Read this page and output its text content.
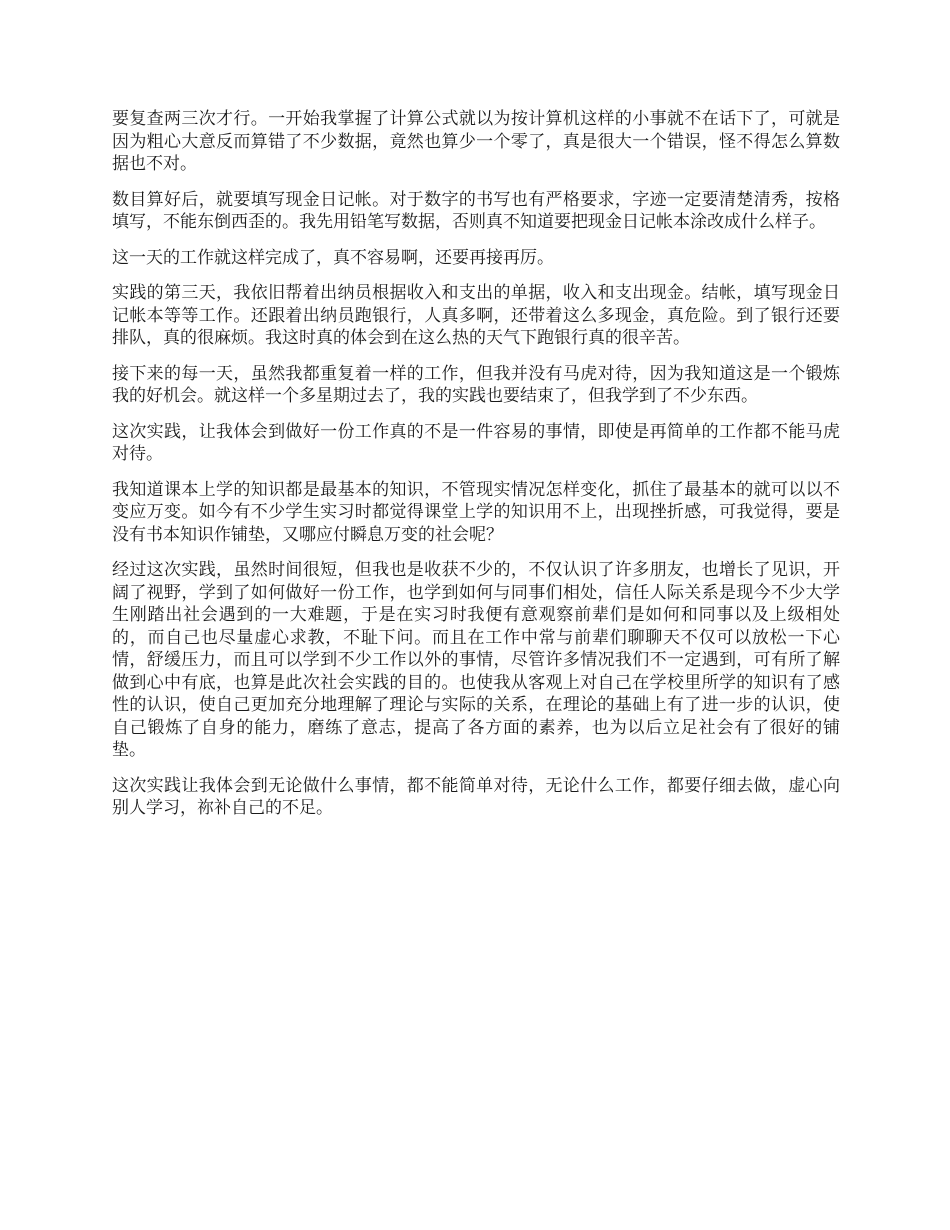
要复查两三次才行。一开始我掌握了计算公式就以为按计算机这样的小事就不在话下了，可就是因为粗心大意反而算错了不少数据，竟然也算少一个零了，真是很大一个错误，怪不得怎么算数据也不对。

数目算好后，就要填写现金日记帐。对于数字的书写也有严格要求，字迹一定要清楚清秀，按格填写，不能东倒西歪的。我先用铅笔写数据，否则真不知道要把现金日记帐本涂改成什么样子。

这一天的工作就这样完成了，真不容易啊，还要再接再厉。

实践的第三天，我依旧帮着出纳员根据收入和支出的单据，收入和支出现金。结帐，填写现金日记帐本等等工作。还跟着出纳员跑银行，人真多啊，还带着这么多现金，真危险。到了银行还要排队，真的很麻烦。我这时真的体会到在这么热的天气下跑银行真的很辛苦。

接下来的每一天，虽然我都重复着一样的工作，但我并没有马虎对待，因为我知道这是一个锻炼我的好机会。就这样一个多星期过去了，我的实践也要结束了，但我学到了不少东西。

这次实践，让我体会到做好一份工作真的不是一件容易的事情，即使是再简单的工作都不能马虎对待。

我知道课本上学的知识都是最基本的知识，不管现实情况怎样变化，抓住了最基本的就可以以不变应万变。如今有不少学生实习时都觉得课堂上学的知识用不上，出现挫折感，可我觉得，要是没有书本知识作铺垫，又哪应付瞬息万变的社会呢？

经过这次实践，虽然时间很短，但我也是收获不少的，不仅认识了许多朋友，也增长了见识，开阔了视野，学到了如何做好一份工作，也学到如何与同事们相处，信任人际关系是现今不少大学生刚踏出社会遇到的一大难题，于是在实习时我便有意观察前辈们是如何和同事以及上级相处的，而自己也尽量虚心求教，不耻下问。而且在工作中常与前辈们聊聊天不仅可以放松一下心情，舒缓压力，而且可以学到不少工作以外的事情，尽管许多情况我们不一定遇到，可有所了解做到心中有底，也算是此次社会实践的目的。也使我从客观上对自己在学校里所学的知识有了感性的认识，使自己更加充分地理解了理论与实际的关系，在理论的基础上有了进一步的认识，使自己锻炼了自身的能力，磨练了意志，提高了各方面的素养，也为以后立足社会有了很好的铺垫。

这次实践让我体会到无论做什么事情，都不能简单对待，无论什么工作，都要仔细去做，虚心向别人学习，祢补自己的不足。
